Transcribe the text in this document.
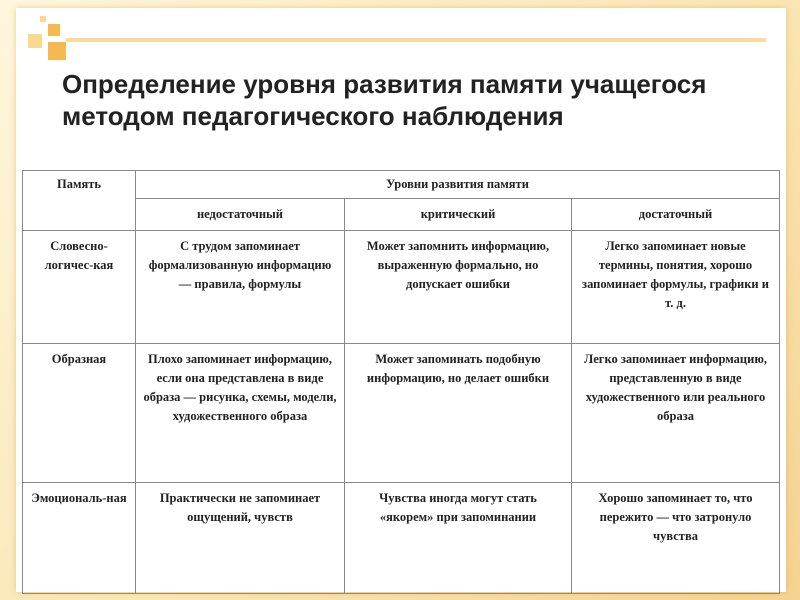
Определение уровня развития памяти учащегося методом педагогического наблюдения
Память	Уровни развития памяти		
	недостаточный	критический	достаточный
Словесно-логичес-кая	С трудом запоминает формализованную информацию — правила, формулы	Может запомнить информацию, выраженную формально, но допускает ошибки	Легко запоминает новые термины, понятия, хорошо запоминает формулы, графики и т. д.
Образная	Плохо запоминает информацию, если она представлена в виде образа — рисунка, схемы, модели, художественного образа	Может запоминать подобную информацию, но делает ошибки	Легко запоминает информацию, представленную в виде художественного или реального образа
Эмоциональ-ная	Практически не запоминает ощущений, чувств	Чувства иногда могут стать «якорем» при запоминании	Хорошо запоминает то, что пережито — что затронуло чувства
